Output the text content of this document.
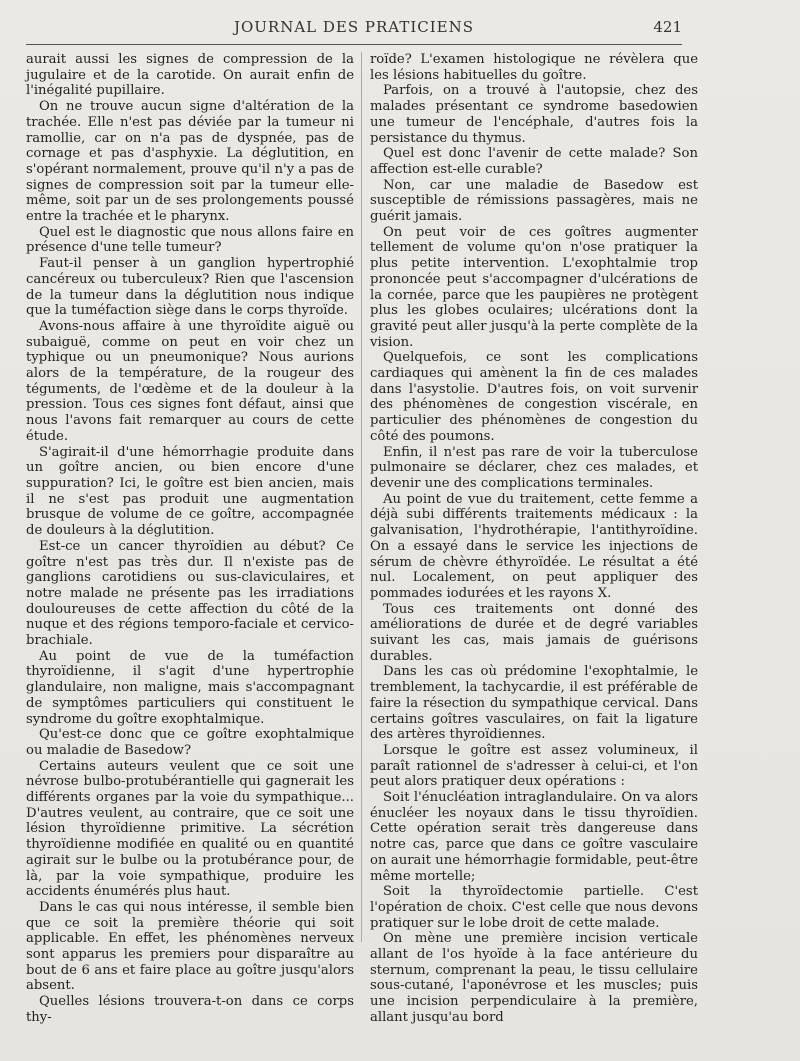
JOURNAL DES PRATICIENS	421

aurait aussi les signes de compression de la jugulaire et de la carotide. On aurait enfin de l'inégalité pupillaire.

On ne trouve aucun signe d'altération de la trachée. Elle n'est pas déviée par la tumeur ni ramollie, car on n'a pas de dyspnée, pas de cornage et pas d'asphyxie. La déglutition, en s'opérant normalement, prouve qu'il n'y a pas de signes de compression soit par la tumeur elle-même, soit par un de ses prolongements poussé entre la trachée et le pharynx.

Quel est le diagnostic que nous allons faire en présence d'une telle tumeur?

Faut-il penser à un ganglion hypertrophié cancéreux ou tuberculeux? Rien que l'ascension de la tumeur dans la déglutition nous indique que la tuméfaction siège dans le corps thyroïde.

Avons-nous affaire à une thyroïdite aiguë ou subaiguë, comme on peut en voir chez un typhique ou un pneumonique? Nous aurions alors de la température, de la rougeur des téguments, de l'œdème et de la douleur à la pression. Tous ces signes font défaut, ainsi que nous l'avons fait remarquer au cours de cette étude.

S'agirait-il d'une hémorrhagie produite dans un goître ancien, ou bien encore d'une suppuration? Ici, le goître est bien ancien, mais il ne s'est pas produit une augmentation brusque de volume de ce goître, accompagnée de douleurs à la déglutition.

Est-ce un cancer thyroïdien au début? Ce goître n'est pas très dur. Il n'existe pas de ganglions carotidiens ou sus-claviculaires, et notre malade ne présente pas les irradiations douloureuses de cette affection du côté de la nuque et des régions temporo-faciale et cervico-brachiale.

Au point de vue de la tuméfaction thyroïdienne, il s'agit d'une hypertrophie glandulaire, non maligne, mais s'accompagnant de symptômes particuliers qui constituent le syndrome du goître exophtalmique.

Qu'est-ce donc que ce goître exophtalmique ou maladie de Basedow?

Certains auteurs veulent que ce soit une névrose bulbo-protubérantielle qui gagnerait les différents organes par la voie du sympathique... D'autres veulent, au contraire, que ce soit une lésion thyroïdienne primitive. La sécrétion thyroïdienne modifiée en qualité ou en quantité agirait sur le bulbe ou la protubérance pour, de là, par la voie sympathique, produire les accidents énumérés plus haut.

Dans le cas qui nous intéresse, il semble bien que ce soit la première théorie qui soit applicable. En effet, les phénomènes nerveux sont apparus les premiers pour disparaître au bout de 6 ans et faire place au goître jusqu'alors absent.

Quelles lésions trouvera-t-on dans ce corps thy-

roïde? L'examen histologique ne révèlera que les lésions habituelles du goître.

Parfois, on a trouvé à l'autopsie, chez des malades présentant ce syndrome basedowien une tumeur de l'encéphale, d'autres fois la persistance du thymus.

Quel est donc l'avenir de cette malade? Son affection est-elle curable?

Non, car une maladie de Basedow est susceptible de rémissions passagères, mais ne guérit jamais.

On peut voir de ces goîtres augmenter tellement de volume qu'on n'ose pratiquer la plus petite intervention. L'exophtalmie trop prononcée peut s'accompagner d'ulcérations de la cornée, parce que les paupières ne protègent plus les globes oculaires; ulcérations dont la gravité peut aller jusqu'à la perte complète de la vision.

Quelquefois, ce sont les complications cardiaques qui amènent la fin de ces malades dans l'asystolie. D'autres fois, on voit survenir des phénomènes de congestion viscérale, en particulier des phénomènes de congestion du côté des poumons.

Enfin, il n'est pas rare de voir la tuberculose pulmonaire se déclarer, chez ces malades, et devenir une des complications terminales.

Au point de vue du traitement, cette femme a déjà subi différents traitements médicaux : la galvanisation, l'hydrothérapie, l'antithyroïdine. On a essayé dans le service les injections de sérum de chèvre éthyroïdée. Le résultat a été nul. Localement, on peut appliquer des pommades iodurées et les rayons X.

Tous ces traitements ont donné des améliorations de durée et de degré variables suivant les cas, mais jamais de guérisons durables.

Dans les cas où prédomine l'exophtalmie, le tremblement, la tachycardie, il est préférable de faire la résection du sympathique cervical. Dans certains goîtres vasculaires, on fait la ligature des artères thyroïdiennes.

Lorsque le goître est assez volumineux, il paraît rationnel de s'adresser à celui-ci, et l'on peut alors pratiquer deux opérations :

Soit l'énucléation intraglandulaire. On va alors énucléer les noyaux dans le tissu thyroïdien. Cette opération serait très dangereuse dans notre cas, parce que dans ce goître vasculaire on aurait une hémorrhagie formidable, peut-être même mortelle;

Soit la thyroïdectomie partielle. C'est l'opération de choix. C'est celle que nous devons pratiquer sur le lobe droit de cette malade.

On mène une première incision verticale allant de l'os hyoïde à la face antérieure du sternum, comprenant la peau, le tissu cellulaire sous-cutané, l'aponévrose et les muscles; puis une incision perpendiculaire à la première, allant jusqu'au bord
